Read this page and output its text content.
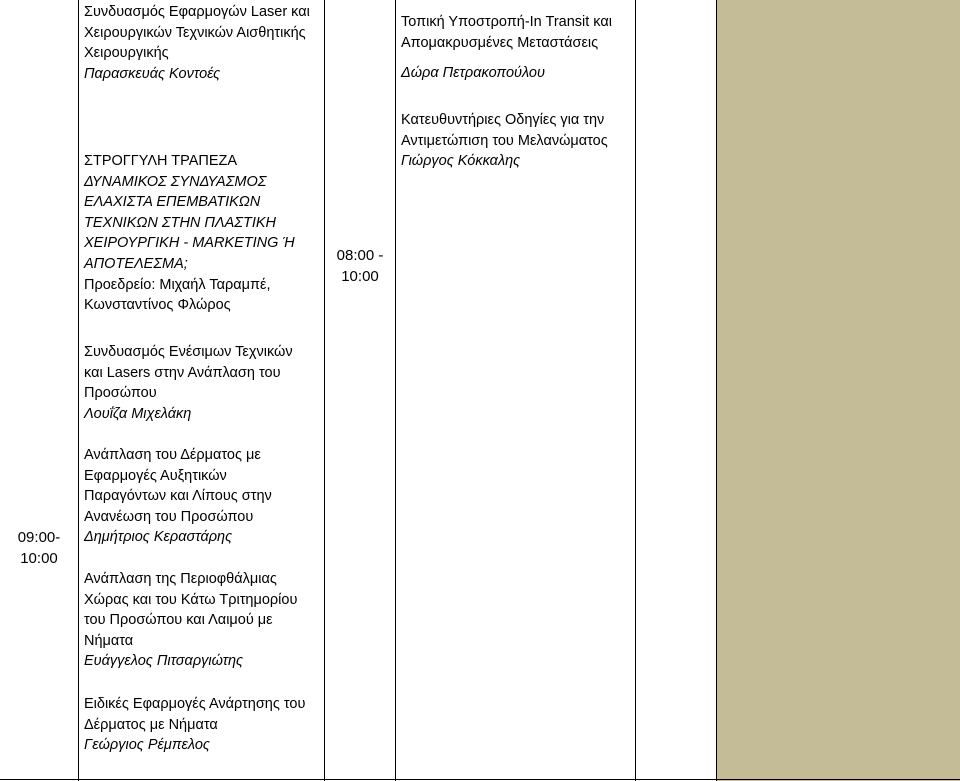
08:00 -
10:00
09:00-
10:00
Συνδυασμός Εφαρμογών Laser και
Χειρουργικών Τεχνικών Αισθητικής
Χειρουργικής
Παρασκευάς Κοντοές
ΣΤΡΟΓΓΥΛΗ ΤΡΑΠΕΖΑ
ΔΥΝΑΜΙΚΟΣ ΣΥΝΔΥΑΣΜΟΣ
ΕΛΑΧΙΣΤΑ ΕΠΕΜΒΑΤΙΚΩΝ
ΤΕΧΝΙΚΩΝ ΣΤΗΝ ΠΛΑΣΤΙΚΗ
ΧΕΙΡΟΥΡΓΙΚΗ - MARKETING Ή
ΑΠΟΤΕΛΕΣΜΑ;
Προεδρείο: Μιχαήλ Ταραμπέ,
Κωνσταντίνος Φλώρος
Συνδυασμός Ενέσιμων Τεχνικών
και Lasers στην Ανάπλαση του
Προσώπου
Λουΐζα Μιχελάκη
Ανάπλαση του Δέρματος με
Εφαρμογές Αυξητικών
Παραγόντων και Λίπους στην
Ανανέωση του Προσώπου
Δημήτριος Κεραστάρης
Ανάπλαση της Περιοφθάλμιας
Χώρας και του Κάτω Τριτημορίου
του Προσώπου και Λαιμού με
Νήματα
Ευάγγελος Πιτσαργιώτης
Ειδικές Εφαρμογές Ανάρτησης του
Δέρματος με Νήματα
Γεώργιος Ρέμπελος
Τοπική Υποστροπή-In Transit και
Απομακρυσμένες Μεταστάσεις
Δώρα Πετρακοπούλου
Κατευθυντήριες Οδηγίες για την
Αντιμετώπιση του Μελανώματος
Γιώργος Κόκκαλης
